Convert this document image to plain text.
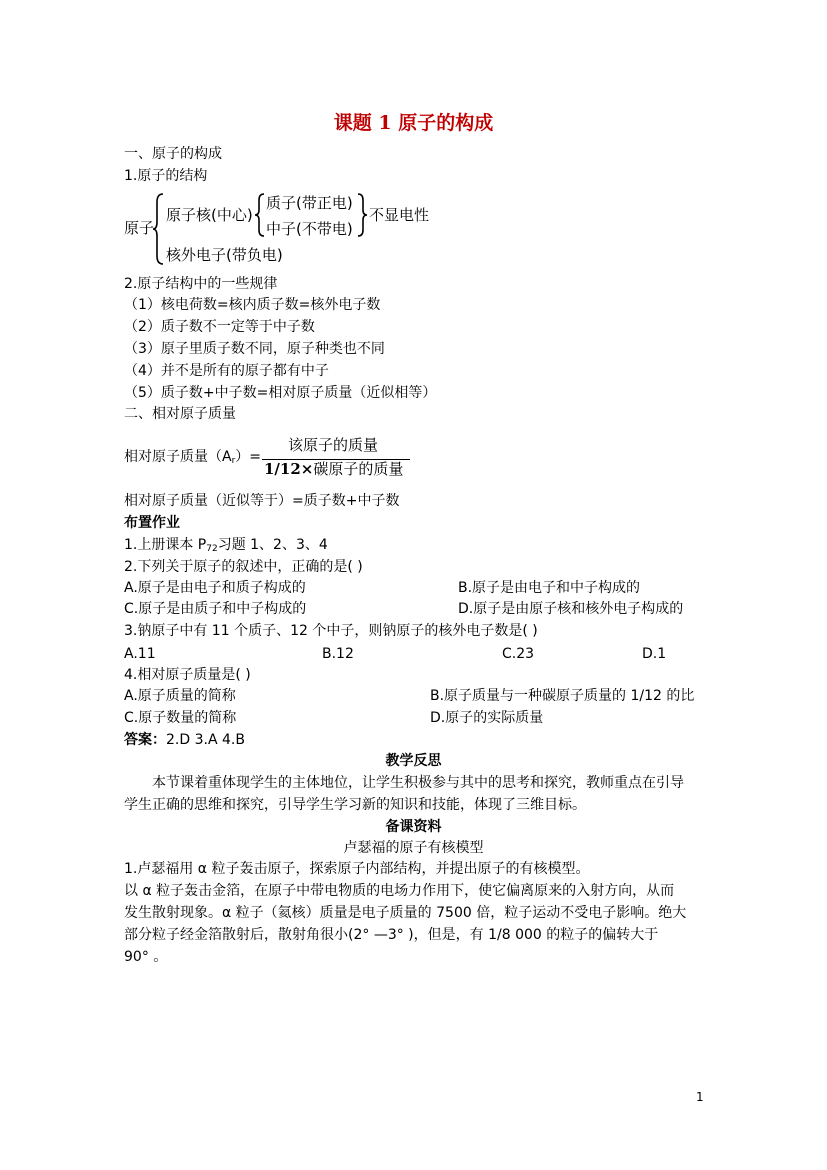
课题 1 原子的构成
一、原子的构成
1.原子的结构
原子
原子核(中心)
质子(带正电)
中子(不带电)
不显电性
核外电子(带负电)
2.原子结构中的一些规律
（1）核电荷数=核内质子数=核外电子数
（2）质子数不一定等于中子数
（3）原子里质子数不同，原子种类也不同
（4）并不是所有的原子都有中子
（5）质子数+中子数=相对原子质量（近似相等）
二、相对原子质量
相对原子质量$(A_r)=$
该原子的质量
1/12×碳原子的质量
相对原子质量（近似等于）=质子数+中子数
布置作业
1.上册课本 $P_{72}$习题 1、2、3、4
2.下列关于原子的叙述中，正确的是( )
A.原子是由电子和质子构成的	B.原子是由电子和中子构成的
C.原子是由质子和中子构成的	D.原子是由原子核和核外电子构成的
3.钠原子中有 11 个质子、12 个中子，则钠原子的核外电子数是( )
A.11	B.12	C.23	D.1
4.相对原子质量是( )
A.原子质量的简称	B.原子质量与一种碳原子质量的 1/12 的比
C.原子数量的简称	D.原子的实际质量
答案：2.D 3.A 4.B
教学反思
本节课着重体现学生的主体地位，让学生积极参与其中的思考和探究，教师重点在引导
学生正确的思维和探究，引导学生学习新的知识和技能，体现了三维目标。
备课资料
卢瑟福的原子有核模型
1.卢瑟福用 α 粒子轰击原子，探索原子内部结构，并提出原子的有核模型。
以 α 粒子轰击金箔，在原子中带电物质的电场力作用下，使它偏离原来的入射方向，从而
发生散射现象。α 粒子（氦核）质量是电子质量的 7500 倍，粒子运动不受电子影响。绝大
部分粒子经金箔散射后，散射角很小(2° —3° )，但是，有 1/8 000 的粒子的偏转大于
90° 。
1
